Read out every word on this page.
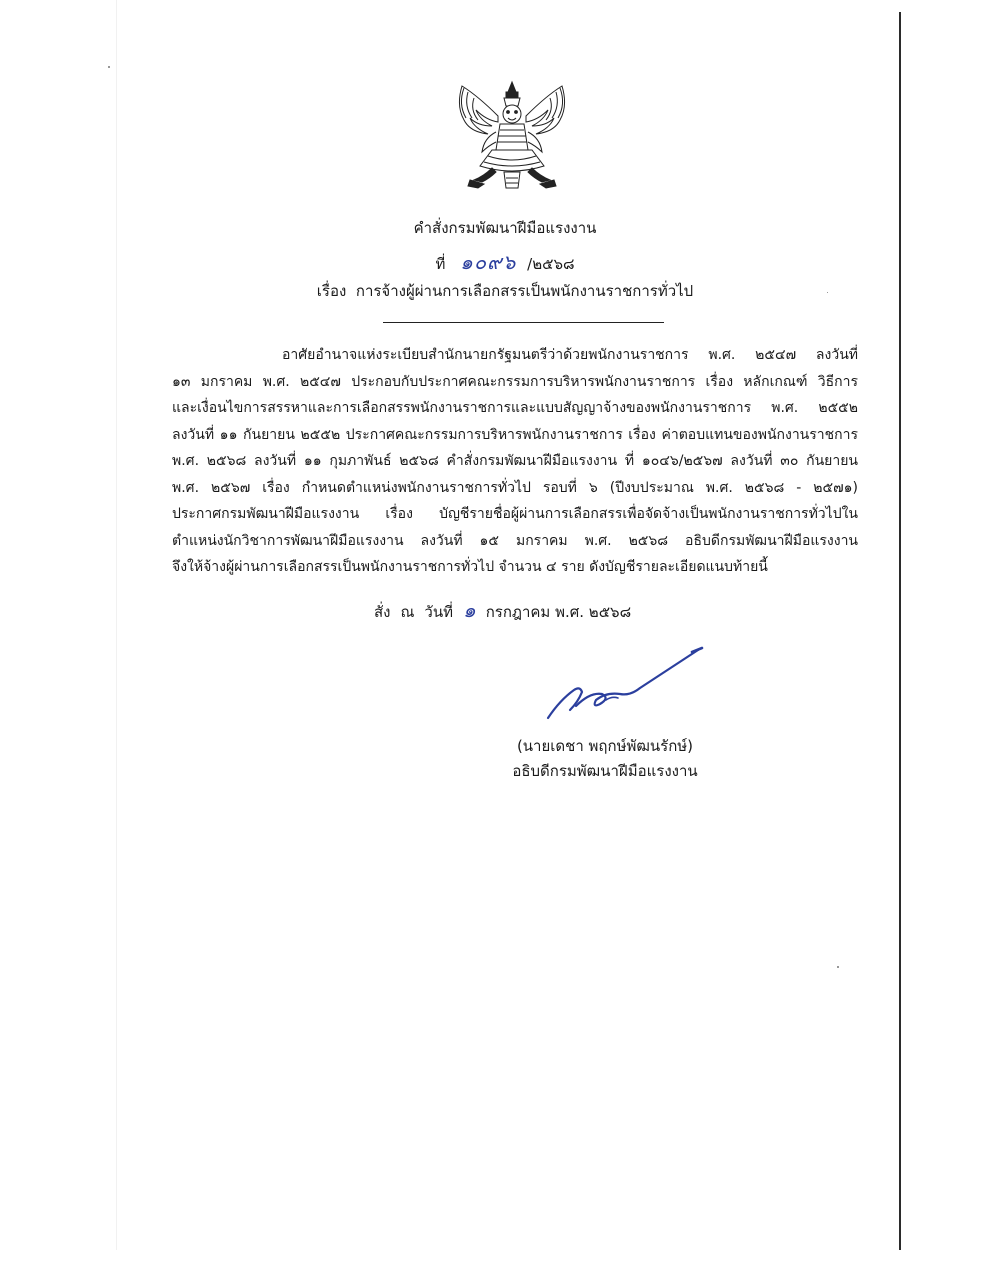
คำสั่งกรมพัฒนาฝีมือแรงงาน
ที่ ๑๐๙๖ /๒๕๖๘
เรื่อง การจ้างผู้ผ่านการเลือกสรรเป็นพนักงานราชการทั่วไป
อาศัยอำนาจแห่งระเบียบสำนักนายกรัฐมนตรีว่าด้วยพนักงานราชการ พ.ศ. ๒๕๔๗ ลงวันที่
๑๓ มกราคม พ.ศ. ๒๕๔๗ ประกอบกับประกาศคณะกรรมการบริหารพนักงานราชการ เรื่อง หลักเกณฑ์ วิธีการ
และเงื่อนไขการสรรหาและการเลือกสรรพนักงานราชการและแบบสัญญาจ้างของพนักงานราชการ พ.ศ. ๒๕๕๒
ลงวันที่ ๑๑ กันยายน ๒๕๕๒ ประกาศคณะกรรมการบริหารพนักงานราชการ เรื่อง ค่าตอบแทนของพนักงานราชการ
พ.ศ. ๒๕๖๘ ลงวันที่ ๑๑ กุมภาพันธ์ ๒๕๖๘ คำสั่งกรมพัฒนาฝีมือแรงงาน ที่ ๑๐๔๖/๒๕๖๗ ลงวันที่ ๓๐ กันยายน
พ.ศ. ๒๕๖๗ เรื่อง กำหนดตำแหน่งพนักงานราชการทั่วไป รอบที่ ๖ (ปีงบประมาณ พ.ศ. ๒๕๖๘ - ๒๕๗๑)
ประกาศกรมพัฒนาฝีมือแรงงาน เรื่อง บัญชีรายชื่อผู้ผ่านการเลือกสรรเพื่อจัดจ้างเป็นพนักงานราชการทั่วไปใน
ตำแหน่งนักวิชาการพัฒนาฝีมือแรงงาน ลงวันที่ ๑๕ มกราคม พ.ศ. ๒๕๖๘ อธิบดีกรมพัฒนาฝีมือแรงงาน
จึงให้จ้างผู้ผ่านการเลือกสรรเป็นพนักงานราชการทั่วไป จำนวน ๔ ราย ดังบัญชีรายละเอียดแนบท้ายนี้
สั่ง ณ วันที่ ๑ กรกฎาคม พ.ศ. ๒๕๖๘
(นายเดชา พฤกษ์พัฒนรักษ์)
อธิบดีกรมพัฒนาฝีมือแรงงาน
